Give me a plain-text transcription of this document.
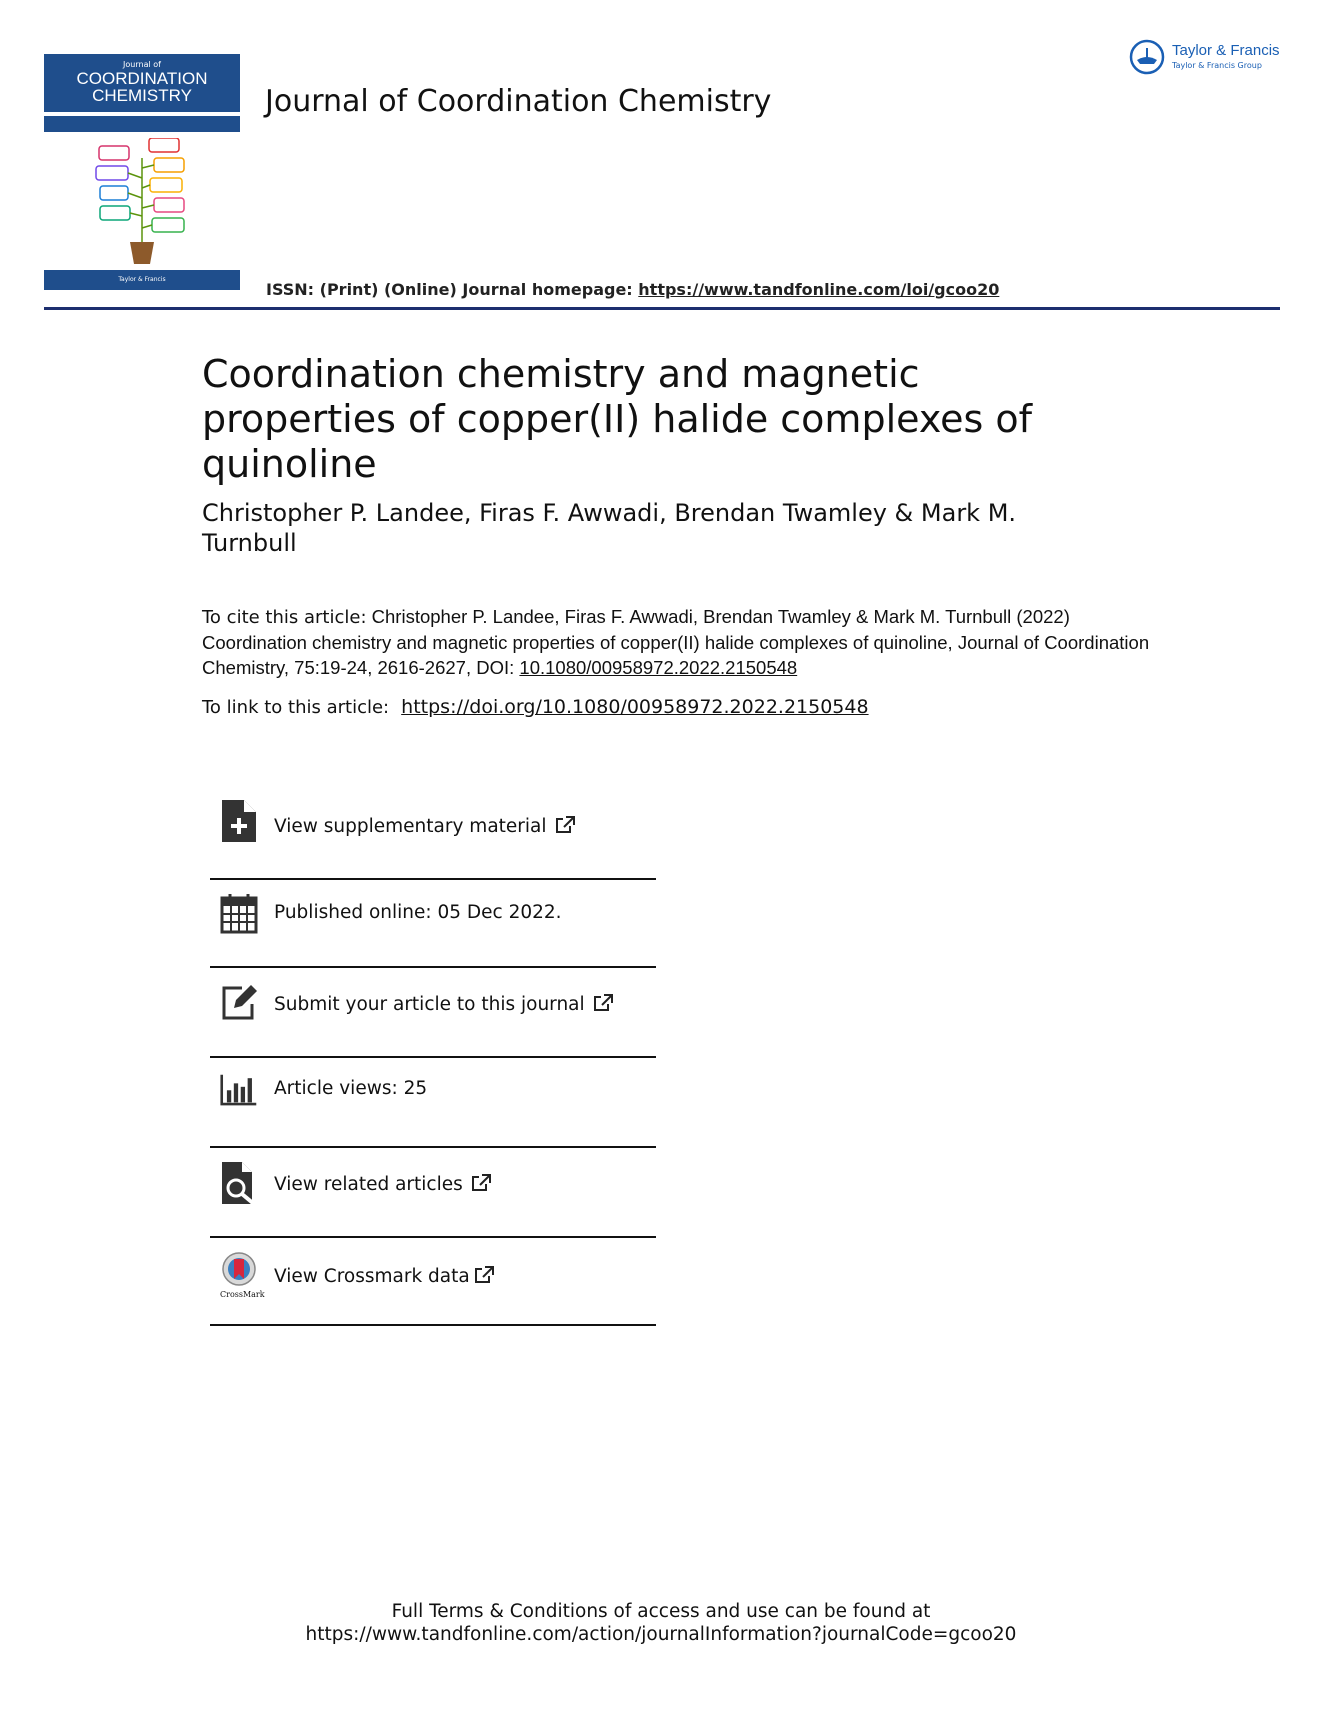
Journal of
COORDINATION
CHEMISTRY
Taylor & Francis
Journal of Coordination Chemistry
Taylor & Francis
Taylor & Francis Group
ISSN: (Print) (Online) Journal homepage: https://www.tandfonline.com/loi/gcoo20
Coordination chemistry and magnetic properties of copper(II) halide complexes of quinoline
Christopher P. Landee, Firas F. Awwadi, Brendan Twamley & Mark M. Turnbull
To cite this article: Christopher P. Landee, Firas F. Awwadi, Brendan Twamley & Mark M. Turnbull (2022) Coordination chemistry and magnetic properties of copper(II) halide complexes of quinoline, Journal of Coordination Chemistry, 75:19-24, 2616-2627, DOI: 10.1080/00958972.2022.2150548
To link to this article: https://doi.org/10.1080/00958972.2022.2150548
View supplementary material
Published online: 05 Dec 2022.
Submit your article to this journal
Article views: 25
View related articles
CrossMark
View Crossmark data
Full Terms & Conditions of access and use can be found at
https://www.tandfonline.com/action/journalInformation?journalCode=gcoo20
